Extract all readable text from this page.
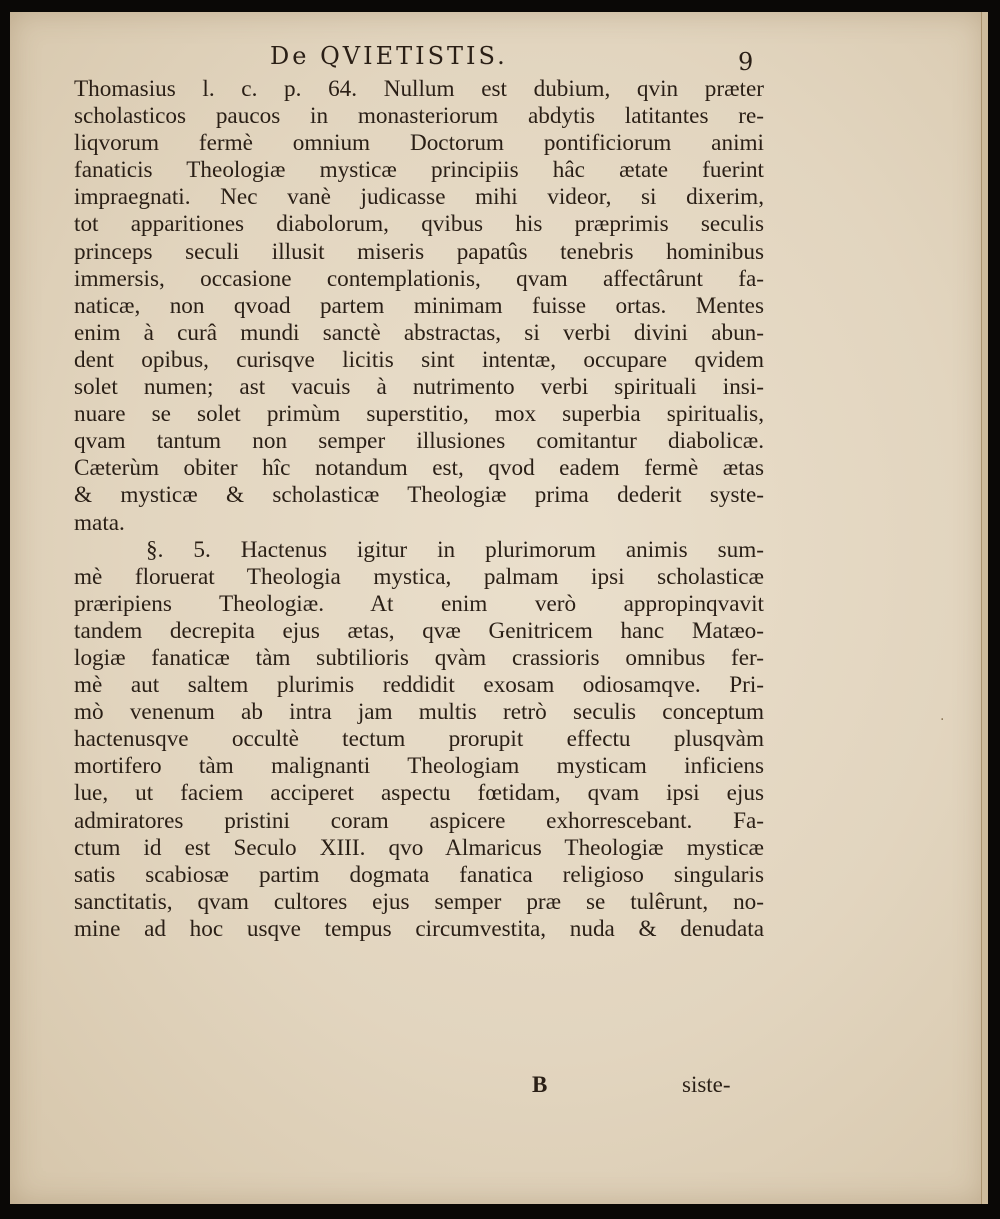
De QVIETISTIS.	9
Thomasius l. c. p. 64. Nullum est dubium, qvin præter
scholasticos paucos in monasteriorum abdytis latitantes re-
liqvorum fermè omnium Doctorum pontificiorum animi
fanaticis Theologiæ mysticæ principiis hâc ætate fuerint
impraegnati. Nec vanè judicasse mihi videor, si dixerim,
tot apparitiones diabolorum, qvibus his præprimis seculis
princeps seculi illusit miseris papatûs tenebris hominibus
immersis, occasione contemplationis, qvam affectârunt fa-
naticæ, non qvoad partem minimam fuisse ortas. Mentes
enim à curâ mundi sanctè abstractas, si verbi divini abun-
dent opibus, curisqve licitis sint intentæ, occupare qvidem
solet numen; ast vacuis à nutrimento verbi spirituali insi-
nuare se solet primùm superstitio, mox superbia spiritualis,
qvam tantum non semper illusiones comitantur diabolicæ.
Cæterùm obiter hîc notandum est, qvod eadem fermè ætas
& mysticæ & scholasticæ Theologiæ prima dederit syste-
mata.
§. 5. Hactenus igitur in plurimorum animis sum-
mè floruerat Theologia mystica, palmam ipsi scholasticæ
præripiens Theologiæ. At enim verò appropinqvavit
tandem decrepita ejus ætas, qvæ Genitricem hanc Matæo-
logiæ fanaticæ tàm subtilioris qvàm crassioris omnibus fer-
mè aut saltem plurimis reddidit exosam odiosamqve. Pri-
mò venenum ab intra jam multis retrò seculis conceptum
hactenusqve occultè tectum prorupit effectu plusqvàm
mortifero tàm malignanti Theologiam mysticam inficiens
lue, ut faciem acciperet aspectu fœtidam, qvam ipsi ejus
admiratores pristini coram aspicere exhorrescebant. Fa-
ctum id est Seculo XIII. qvo Almaricus Theologiæ mysticæ
satis scabiosæ partim dogmata fanatica religioso singularis
sanctitatis, qvam cultores ejus semper præ se tulêrunt, no-
mine ad hoc usqve tempus circumvestita, nuda & denudata
B	siste-
·
